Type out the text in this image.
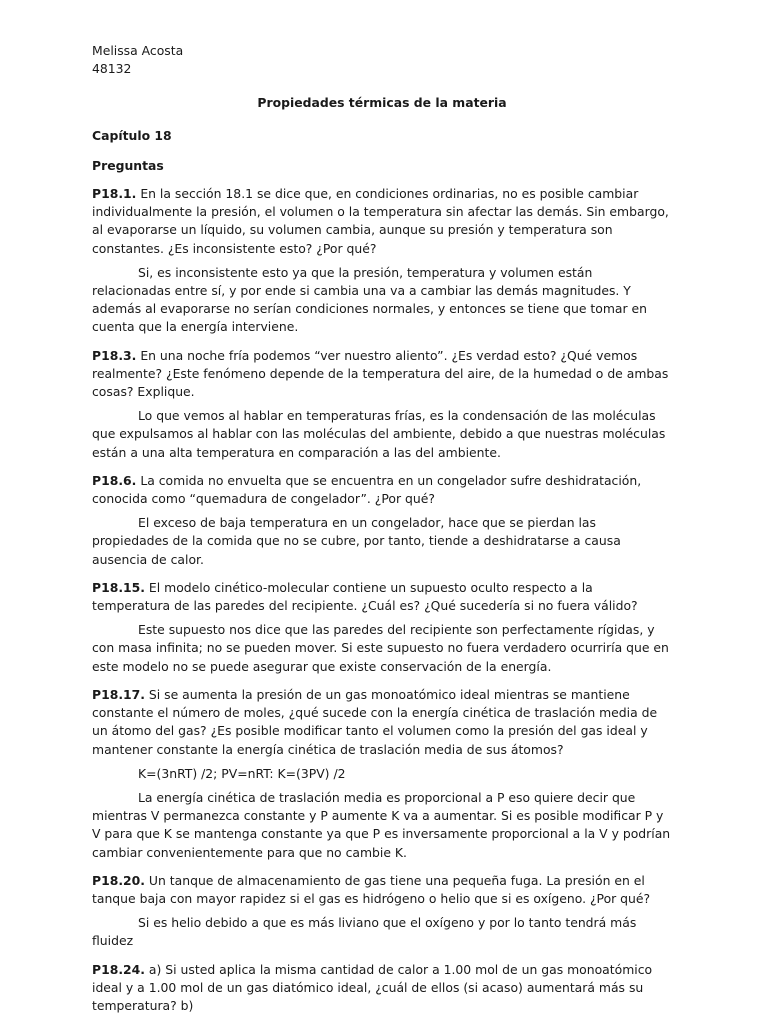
Melissa Acosta

48132

Propiedades térmicas de la materia

Capítulo 18

Preguntas

P18.1. En la sección 18.1 se dice que, en condiciones ordinarias, no es posible cambiar individualmente la presión, el volumen o la temperatura sin afectar las demás. Sin embargo, al evaporarse un líquido, su volumen cambia, aunque su presión y temperatura son constantes. ¿Es inconsistente esto? ¿Por qué?

Si, es inconsistente esto ya que la presión, temperatura y volumen están relacionadas entre sí, y por ende si cambia una va a cambiar las demás magnitudes. Y además al evaporarse no serían condiciones normales, y entonces se tiene que tomar en cuenta que la energía interviene.

P18.3. En una noche fría podemos “ver nuestro aliento”. ¿Es verdad esto? ¿Qué vemos realmente? ¿Este fenómeno depende de la temperatura del aire, de la humedad o de ambas cosas? Explique.

Lo que vemos al hablar en temperaturas frías, es la condensación de las moléculas que expulsamos al hablar con las moléculas del ambiente, debido a que nuestras moléculas están a una alta temperatura en comparación a las del ambiente.

P18.6. La comida no envuelta que se encuentra en un congelador sufre deshidratación, conocida como “quemadura de congelador”. ¿Por qué?

El exceso de baja temperatura en un congelador, hace que se pierdan las propiedades de la comida que no se cubre, por tanto, tiende a deshidratarse a causa ausencia de calor.

P18.15. El modelo cinético-molecular contiene un supuesto oculto respecto a la temperatura de las paredes del recipiente. ¿Cuál es? ¿Qué sucedería si no fuera válido?

Este supuesto nos dice que las paredes del recipiente son perfectamente rígidas, y con masa infinita; no se pueden mover. Si este supuesto no fuera verdadero ocurriría que en este modelo no se puede asegurar que existe conservación de la energía.

P18.17. Si se aumenta la presión de un gas monoatómico ideal mientras se mantiene constante el número de moles, ¿qué sucede con la energía cinética de traslación media de un átomo del gas? ¿Es posible modificar tanto el volumen como la presión del gas ideal y mantener constante la energía cinética de traslación media de sus átomos?

K=(3nRT) /2; PV=nRT: K=(3PV) /2

La energía cinética de traslación media es proporcional a P eso quiere decir que mientras V permanezca constante y P aumente K va a aumentar. Si es posible modificar P y V para que K se mantenga constante ya que P es inversamente proporcional a la V y podrían cambiar convenientemente para que no cambie K.

P18.20. Un tanque de almacenamiento de gas tiene una pequeña fuga. La presión en el tanque baja con mayor rapidez si el gas es hidrógeno o helio que si es oxígeno. ¿Por qué?

Si es helio debido a que es más liviano que el oxígeno y por lo tanto tendrá más fluidez

P18.24. a) Si usted aplica la misma cantidad de calor a 1.00 mol de un gas monoatómico ideal y a 1.00 mol de un gas diatómico ideal, ¿cuál de ellos (si acaso) aumentará más su temperatura? b)
